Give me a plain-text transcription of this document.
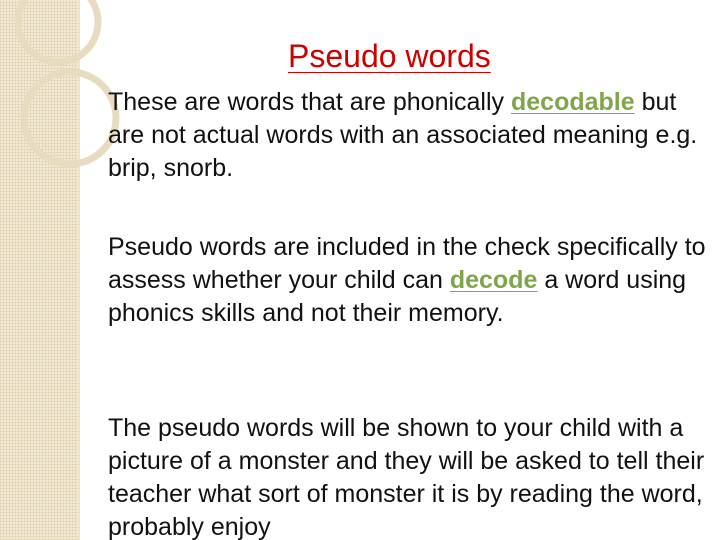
Pseudo words

These are words that are phonically decodable but are not actual words with an associated meaning e.g. brip, snorb.

Pseudo words are included in the check specifically to assess whether your child can decode a word using phonics skills and not their memory.

The pseudo words will be shown to your child with a picture of a monster and they will be asked to tell their teacher what sort of monster it is by reading the word, probably enjoy
